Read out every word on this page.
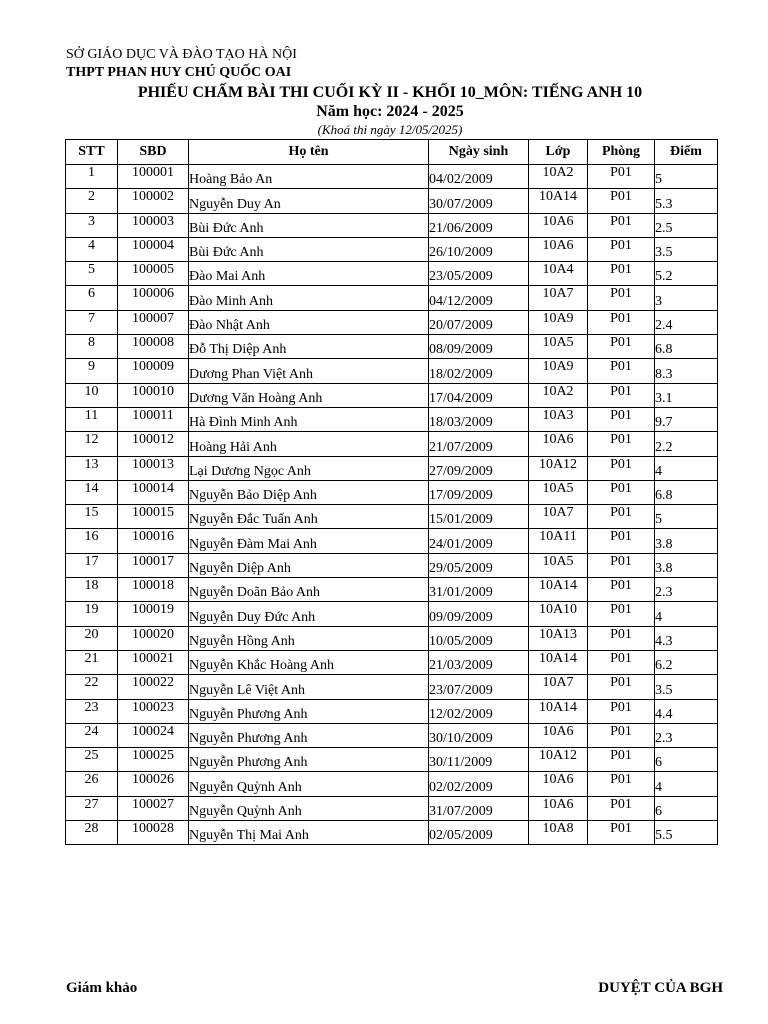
SỞ GIÁO DỤC VÀ ĐÀO TẠO HÀ NỘI
THPT PHAN HUY CHÚ QUỐC OAI
PHIẾU CHẤM BÀI THI CUỐI KỲ II - KHỐI 10_MÔN: TIẾNG ANH 10
Năm học: 2024 - 2025
(Khoá thi ngày 12/05/2025)
STT	SBD	Họ tên	Ngày sinh	Lớp	Phòng	Điểm
1	100001	Hoàng Bảo An	04/02/2009	10A2	P01	5
2	100002	Nguyễn Duy An	30/07/2009	10A14	P01	5.3
3	100003	Bùi Đức Anh	21/06/2009	10A6	P01	2.5
4	100004	Bùi Đức Anh	26/10/2009	10A6	P01	3.5
5	100005	Đào Mai Anh	23/05/2009	10A4	P01	5.2
6	100006	Đào Minh Anh	04/12/2009	10A7	P01	3
7	100007	Đào Nhật Anh	20/07/2009	10A9	P01	2.4
8	100008	Đỗ Thị Diệp Anh	08/09/2009	10A5	P01	6.8
9	100009	Dương Phan Việt Anh	18/02/2009	10A9	P01	8.3
10	100010	Dương Văn Hoàng Anh	17/04/2009	10A2	P01	3.1
11	100011	Hà Đình Minh Anh	18/03/2009	10A3	P01	9.7
12	100012	Hoàng Hải Anh	21/07/2009	10A6	P01	2.2
13	100013	Lại Dương Ngọc Anh	27/09/2009	10A12	P01	4
14	100014	Nguyễn Bảo Diệp Anh	17/09/2009	10A5	P01	6.8
15	100015	Nguyễn Đắc Tuấn Anh	15/01/2009	10A7	P01	5
16	100016	Nguyễn Đàm Mai Anh	24/01/2009	10A11	P01	3.8
17	100017	Nguyễn Diệp Anh	29/05/2009	10A5	P01	3.8
18	100018	Nguyễn Doãn Bảo Anh	31/01/2009	10A14	P01	2.3
19	100019	Nguyễn Duy Đức Anh	09/09/2009	10A10	P01	4
20	100020	Nguyễn Hồng Anh	10/05/2009	10A13	P01	4.3
21	100021	Nguyễn Khắc Hoàng Anh	21/03/2009	10A14	P01	6.2
22	100022	Nguyễn Lê Việt Anh	23/07/2009	10A7	P01	3.5
23	100023	Nguyễn Phương Anh	12/02/2009	10A14	P01	4.4
24	100024	Nguyễn Phương Anh	30/10/2009	10A6	P01	2.3
25	100025	Nguyễn Phương Anh	30/11/2009	10A12	P01	6
26	100026	Nguyễn Quỳnh Anh	02/02/2009	10A6	P01	4
27	100027	Nguyễn Quỳnh Anh	31/07/2009	10A6	P01	6
28	100028	Nguyễn Thị Mai Anh	02/05/2009	10A8	P01	5.5
Giám khảo	DUYỆT CỦA BGH
